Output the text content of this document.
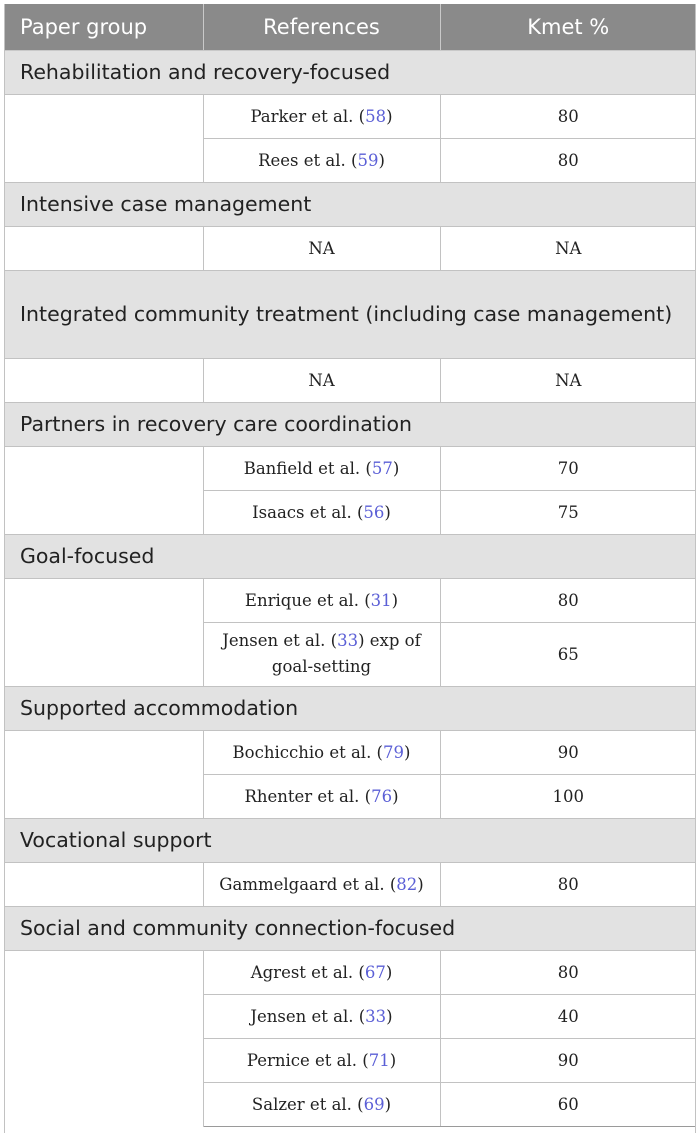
Paper group	References	Kmet %
Rehabilitation and recovery-focused		
	Parker et al. (58)	80
	Rees et al. (59)	80
Intensive case management		
	NA	NA
Integrated community treatment (including case management)		
	NA	NA
Partners in recovery care coordination		
	Banfield et al. (57)	70
	Isaacs et al. (56)	75
Goal-focused		
	Enrique et al. (31)	80
	Jensen et al. (33) exp of goal-setting	65
Supported accommodation		
	Bochicchio et al. (79)	90
	Rhenter et al. (76)	100
Vocational support		
	Gammelgaard et al. (82)	80
Social and community connection-focused		
	Agrest et al. (67)	80
	Jensen et al. (33)	40
	Pernice et al. (71)	90
	Salzer et al. (69)	60
